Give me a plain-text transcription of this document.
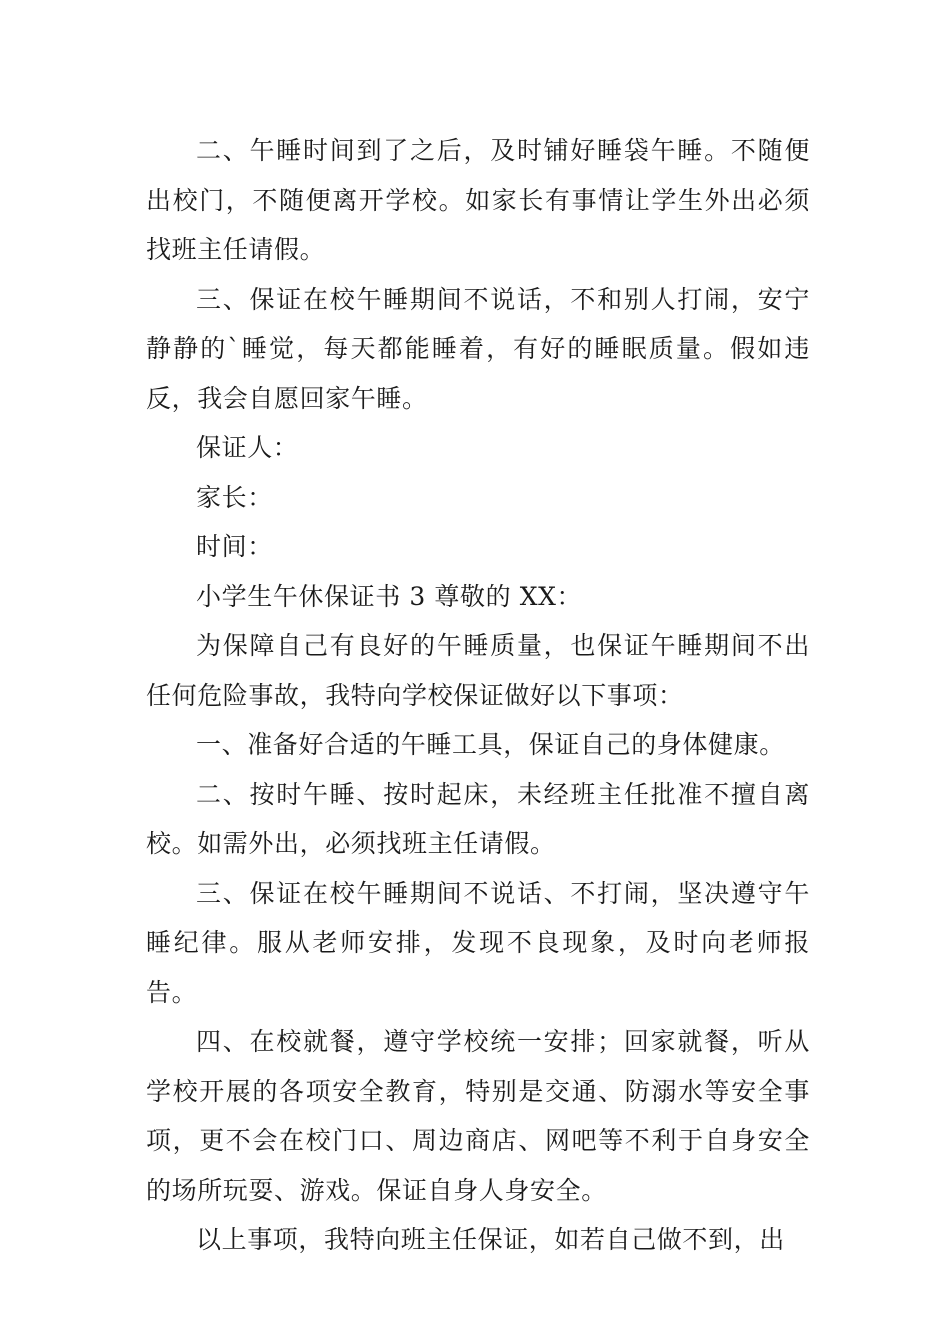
二、午睡时间到了之后，及时铺好睡袋午睡。不随便出校门，不随便离开学校。如家长有事情让学生外出必须找班主任请假。

三、保证在校午睡期间不说话，不和别人打闹，安宁静静的`睡觉，每天都能睡着，有好的睡眠质量。假如违反，我会自愿回家午睡。

保证人：

家长：

时间：

小学生午休保证书 3 尊敬的 XX：

为保障自己有良好的午睡质量，也保证午睡期间不出任何危险事故，我特向学校保证做好以下事项：

一、准备好合适的午睡工具，保证自己的身体健康。

二、按时午睡、按时起床，未经班主任批准不擅自离校。如需外出，必须找班主任请假。

三、保证在校午睡期间不说话、不打闹，坚决遵守午睡纪律。服从老师安排，发现不良现象，及时向老师报告。

四、在校就餐，遵守学校统一安排；回家就餐，听从学校开展的各项安全教育，特别是交通、防溺水等安全事项，更不会在校门口、周边商店、网吧等不利于自身安全的场所玩耍、游戏。保证自身人身安全。

以上事项，我特向班主任保证，如若自己做不到，出
